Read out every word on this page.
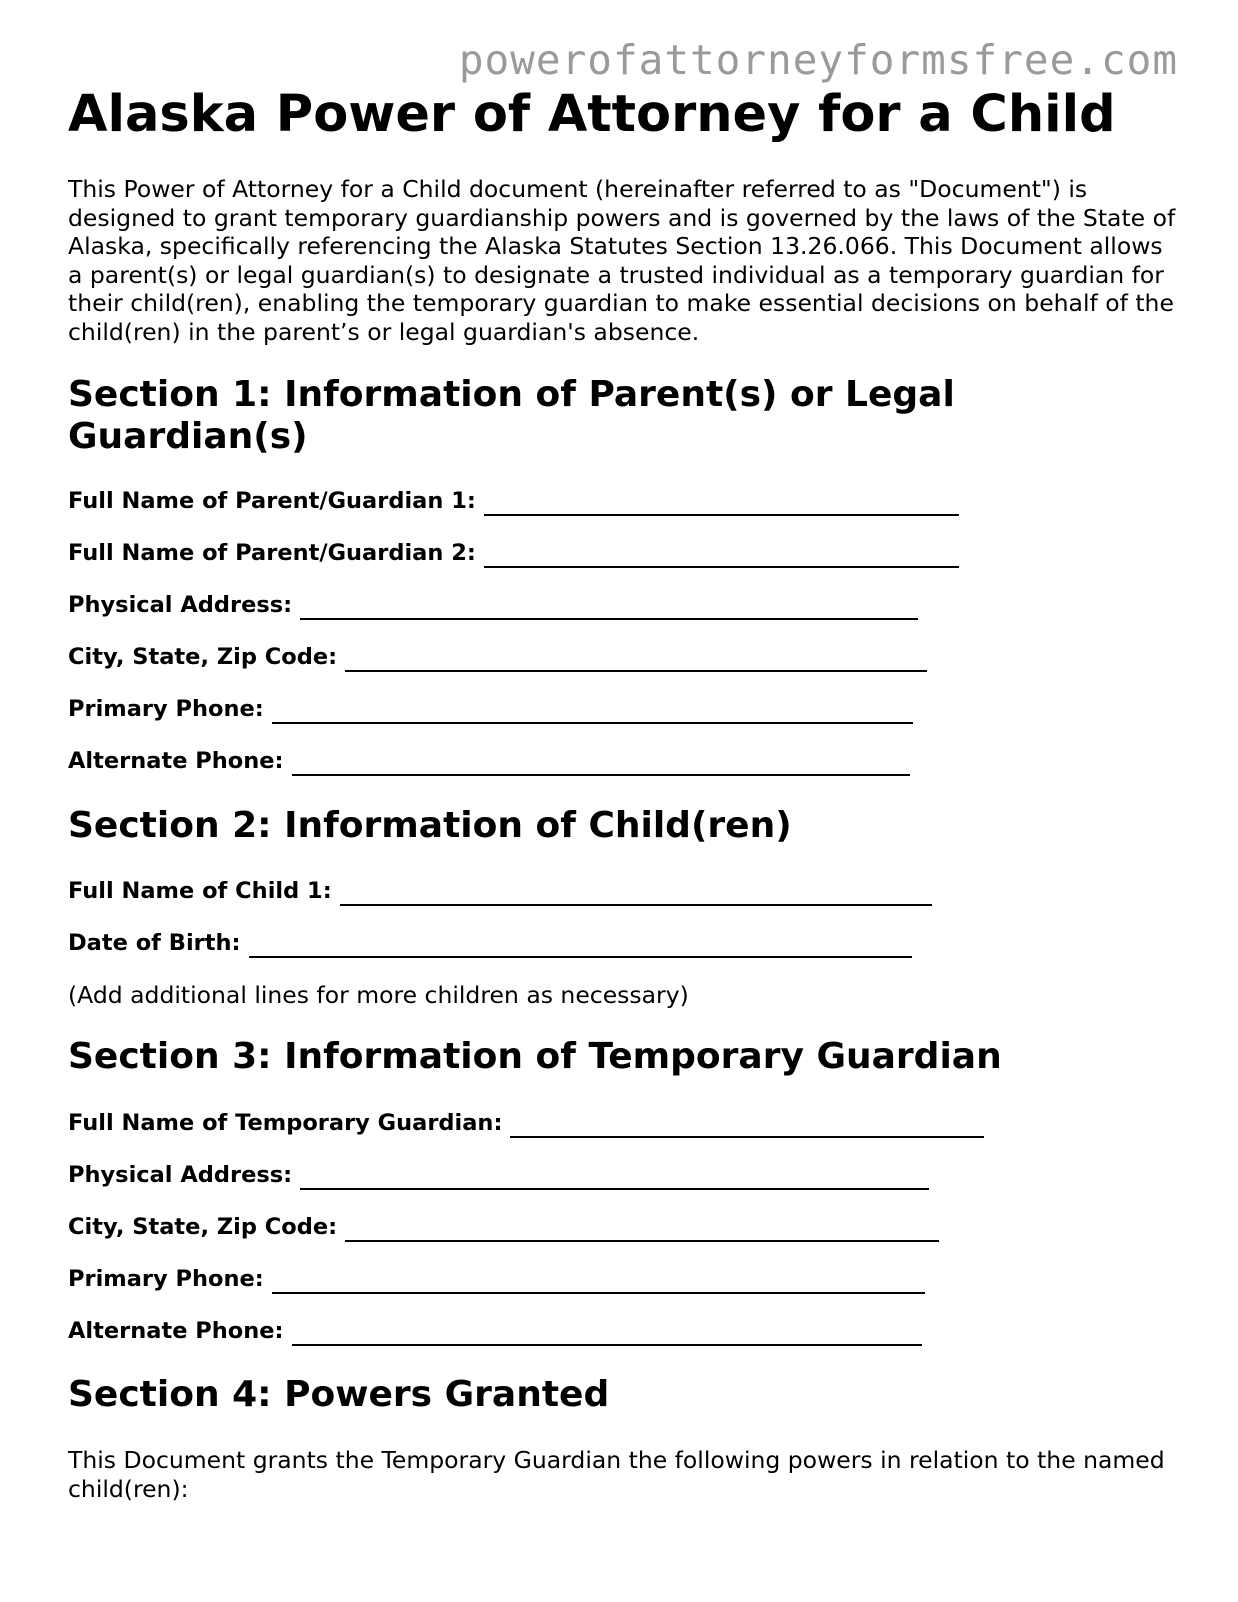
powerofattorneyformsfree.com
Alaska Power of Attorney for a Child

This Power of Attorney for a Child document (hereinafter referred to as "Document") is designed to grant temporary guardianship powers and is governed by the laws of the State of Alaska, specifically referencing the Alaska Statutes Section 13.26.066. This Document allows a parent(s) or legal guardian(s) to designate a trusted individual as a temporary guardian for their child(ren), enabling the temporary guardian to make essential decisions on behalf of the child(ren) in the parent’s or legal guardian's absence.

Section 1: Information of Parent(s) or Legal Guardian(s)
Full Name of Parent/Guardian 1:
Full Name of Parent/Guardian 2:
Physical Address:
City, State, Zip Code:
Primary Phone:
Alternate Phone:
Section 2: Information of Child(ren)
Full Name of Child 1:
Date of Birth:

(Add additional lines for more children as necessary)

Section 3: Information of Temporary Guardian
Full Name of Temporary Guardian:
Physical Address:
City, State, Zip Code:
Primary Phone:
Alternate Phone:
Section 4: Powers Granted

This Document grants the Temporary Guardian the following powers in relation to the named child(ren):
